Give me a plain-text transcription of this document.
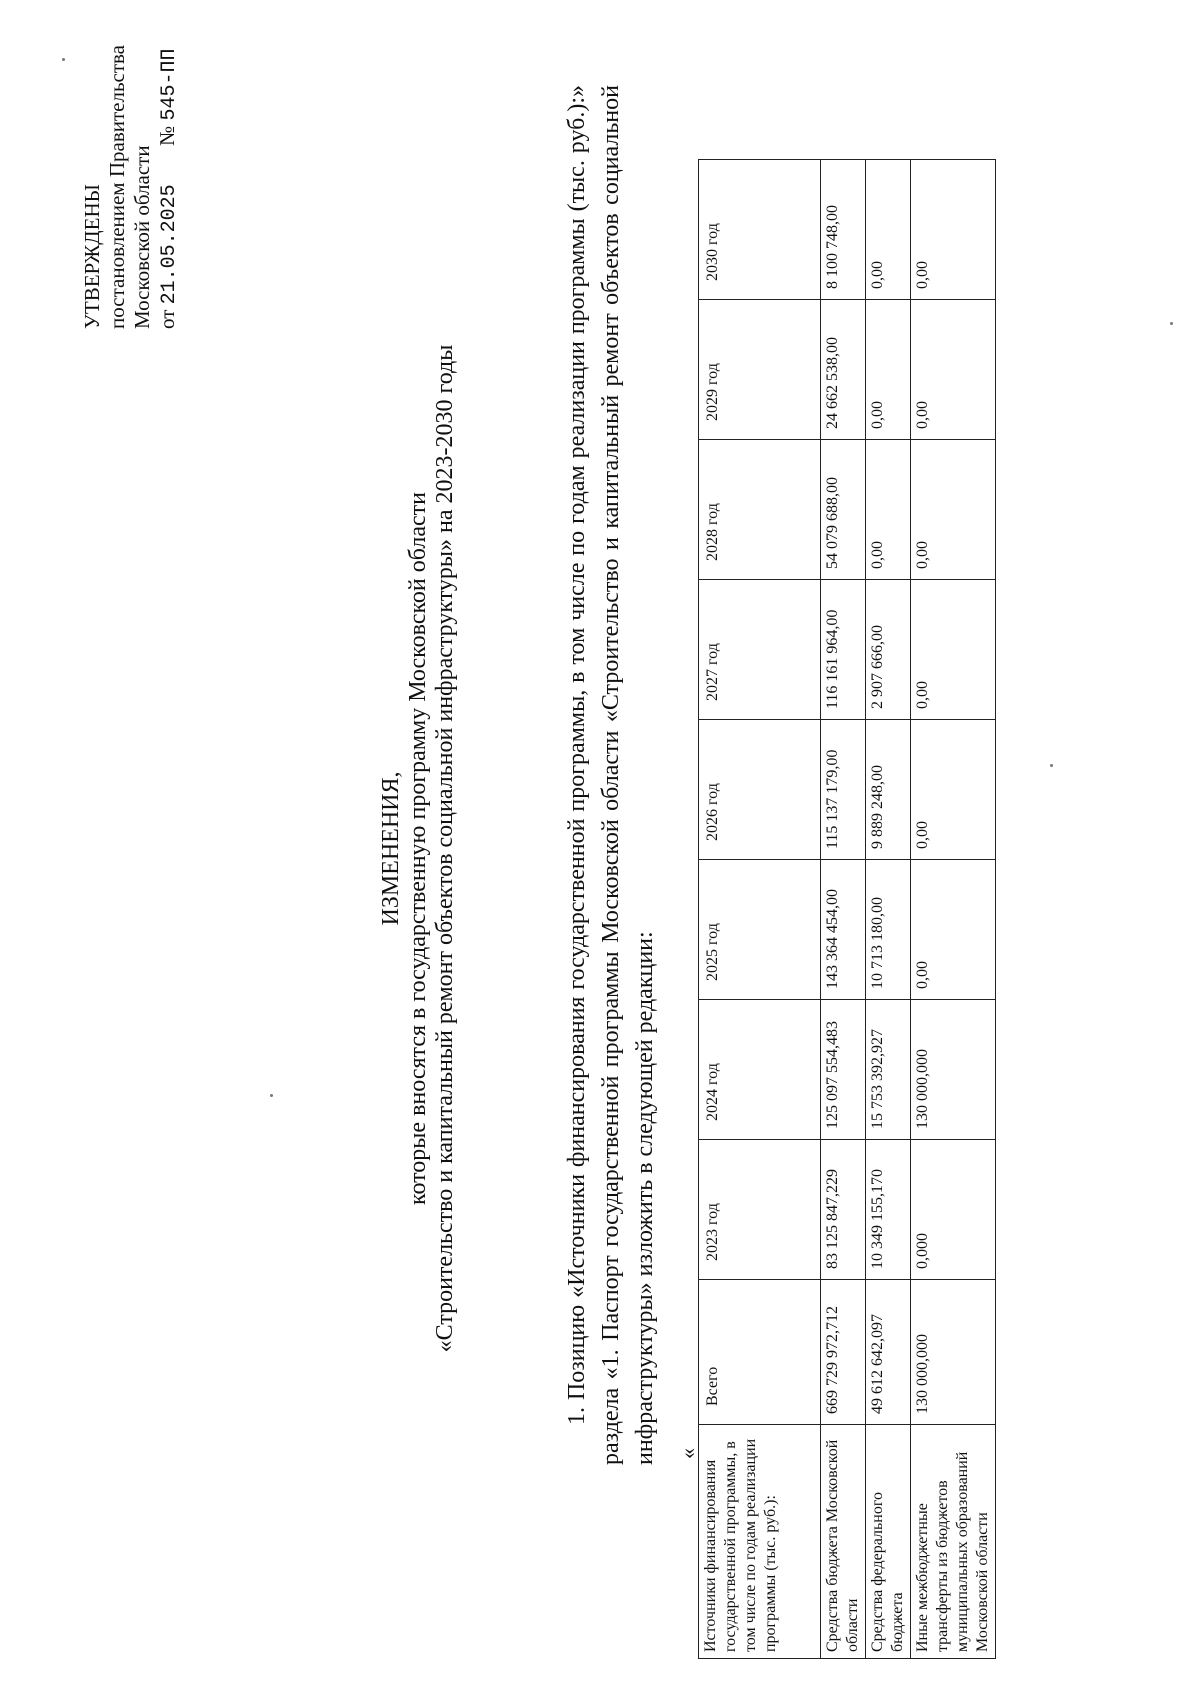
УТВЕРЖДЕНЫ постановлением Правительства Московской области от 21.05.2025  № 545-ПП
ИЗМЕНЕНИЯ, которые вносятся в государственную программу Московской области «Строительство и капитальный ремонт объектов социальной инфраструктуры» на 2023-2030 годы	1. Позицию «Источники финансирования государственной программы, в том числе по годам реализации программы (тыс. руб.):» раздела «1. Паспорт государственной программы Московской области «Строительство и капитальный ремонт объектов социальной инфраструктуры» изложить в следующей редакции: «
Источники финансирования государственной программы, в том числе по годам реализации программы (тыс. руб.):	Всего	2023 год	2024 год	2025 год	2026 год	2027 год	2028 год	2029 год	2030 год
Средства бюджета Московской области	669 729 972,712	83 125 847,229	125 097 554,483	143 364 454,00	115 137 179,00	116 161 964,00	54 079 688,00	24 662 538,00	8 100 748,00
Средства федерального бюджета	49 612 642,097	10 349 155,170	15 753 392,927	10 713 180,00	9 889 248,00	2 907 666,00	0,00	0,00	0,00
Иные межбюджетные трансферты из бюджетов муниципальных образований Московской области	130 000,000	0,000	130 000,000	0,00	0,00	0,00	0,00	0,00	0,00
